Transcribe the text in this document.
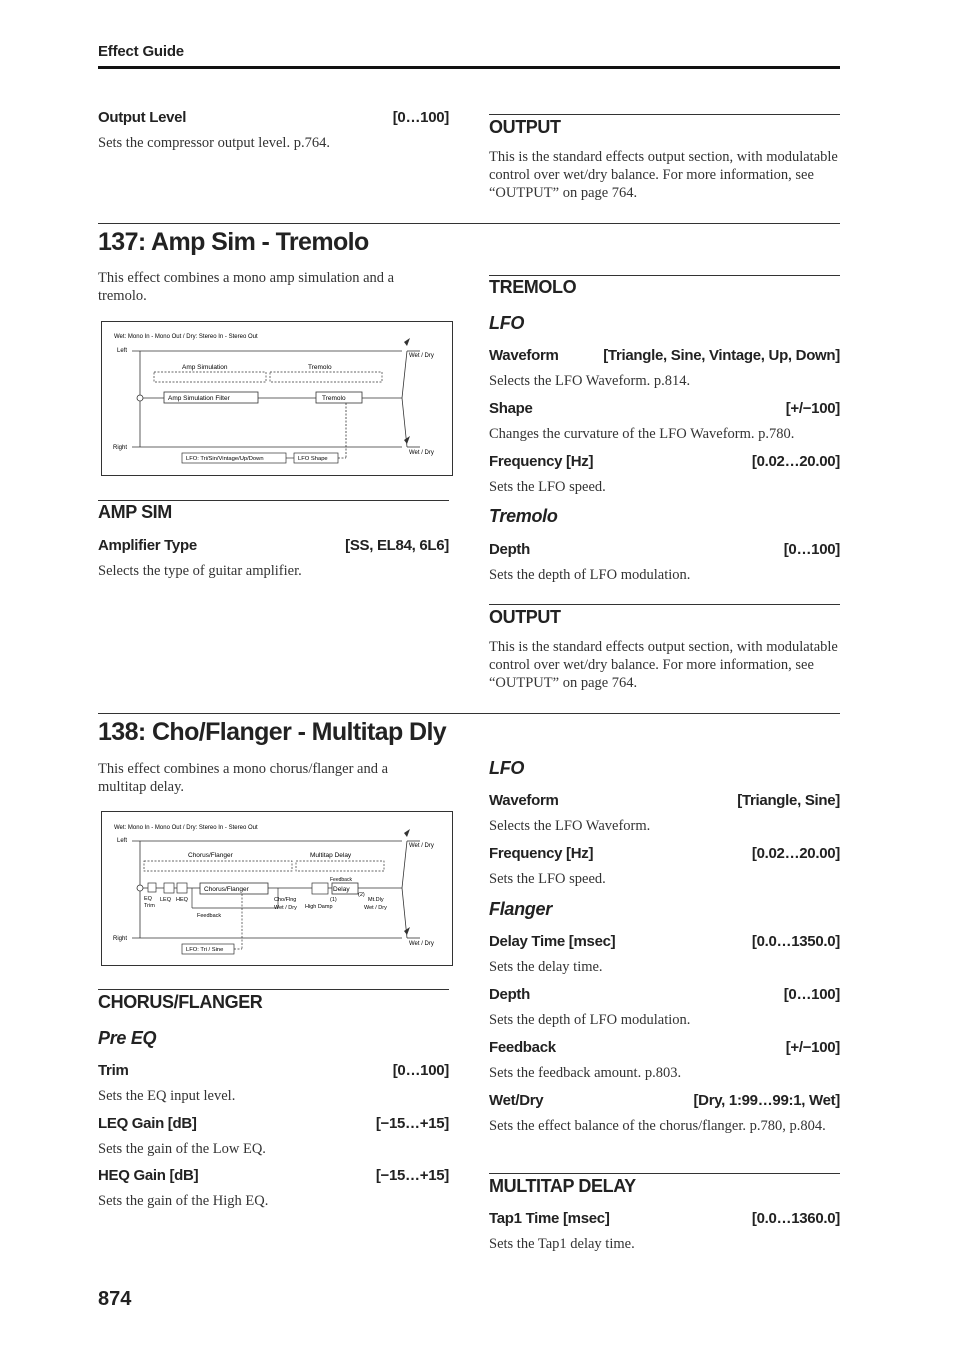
Effect Guide
Output Level	[0…100]
Sets the compressor output level. p.764.
OUTPUT
This is the standard effects output section, with modulatable control over wet/dry balance. For more information, see “OUTPUT” on page 764.
137: Amp Sim - Tremolo
This effect combines a mono amp simulation and a tremolo.
Wet: Mono In - Mono Out / Dry: Stereo In - Stereo Out
Left
Right
Amp Simulation	Tremolo
Amp Simulation Filter	Tremolo
Wet / Dry
Wet / Dry
LFO: Tri/Sin/Vintage/Up/Down	LFO Shape
AMP SIM
Amplifier Type	[SS, EL84, 6L6]
Selects the type of guitar amplifier.
TREMOLO
LFO
Waveform	[Triangle, Sine, Vintage, Up, Down]
Selects the LFO Waveform. p.814.
Shape	[+/−100]
Changes the curvature of the LFO Waveform. p.780.
Frequency [Hz]	[0.02…20.00]
Sets the LFO speed.
Tremolo
Depth	[0…100]
Sets the depth of LFO modulation.
OUTPUT
This is the standard effects output section, with modulatable control over wet/dry balance. For more information, see “OUTPUT” on page 764.
138: Cho/Flanger - Multitap Dly
This effect combines a mono chorus/flanger and a multitap delay.
Wet: Mono In - Mono Out / Dry: Stereo In - Stereo Out
Left
Right
Chorus/Flanger	Multitap Delay
EQ
Trim
LEQ HEQ
Chorus/Flanger
Feedback
Cho/Flng
Wet / Dry
Delay
Feedback
High Damp
(1)
(2)
Mt.Dly
Wet / Dry
Wet / Dry
Wet / Dry
LFO: Tri / Sine
CHORUS/FLANGER
Pre EQ
Trim	[0…100]
Sets the EQ input level.
LEQ Gain [dB]	[−15…+15]
Sets the gain of the Low EQ.
HEQ Gain [dB]	[−15…+15]
Sets the gain of the High EQ.
LFO
Waveform	[Triangle, Sine]
Selects the LFO Waveform.
Frequency [Hz]	[0.02…20.00]
Sets the LFO speed.
Flanger
Delay Time [msec]	[0.0…1350.0]
Sets the delay time.
Depth	[0…100]
Sets the depth of LFO modulation.
Feedback	[+/−100]
Sets the feedback amount. p.803.
Wet/Dry	[Dry, 1:99…99:1, Wet]
Sets the effect balance of the chorus/flanger. p.780, p.804.
MULTITAP DELAY
Tap1 Time [msec]	[0.0…1360.0]
Sets the Tap1 delay time.
874
